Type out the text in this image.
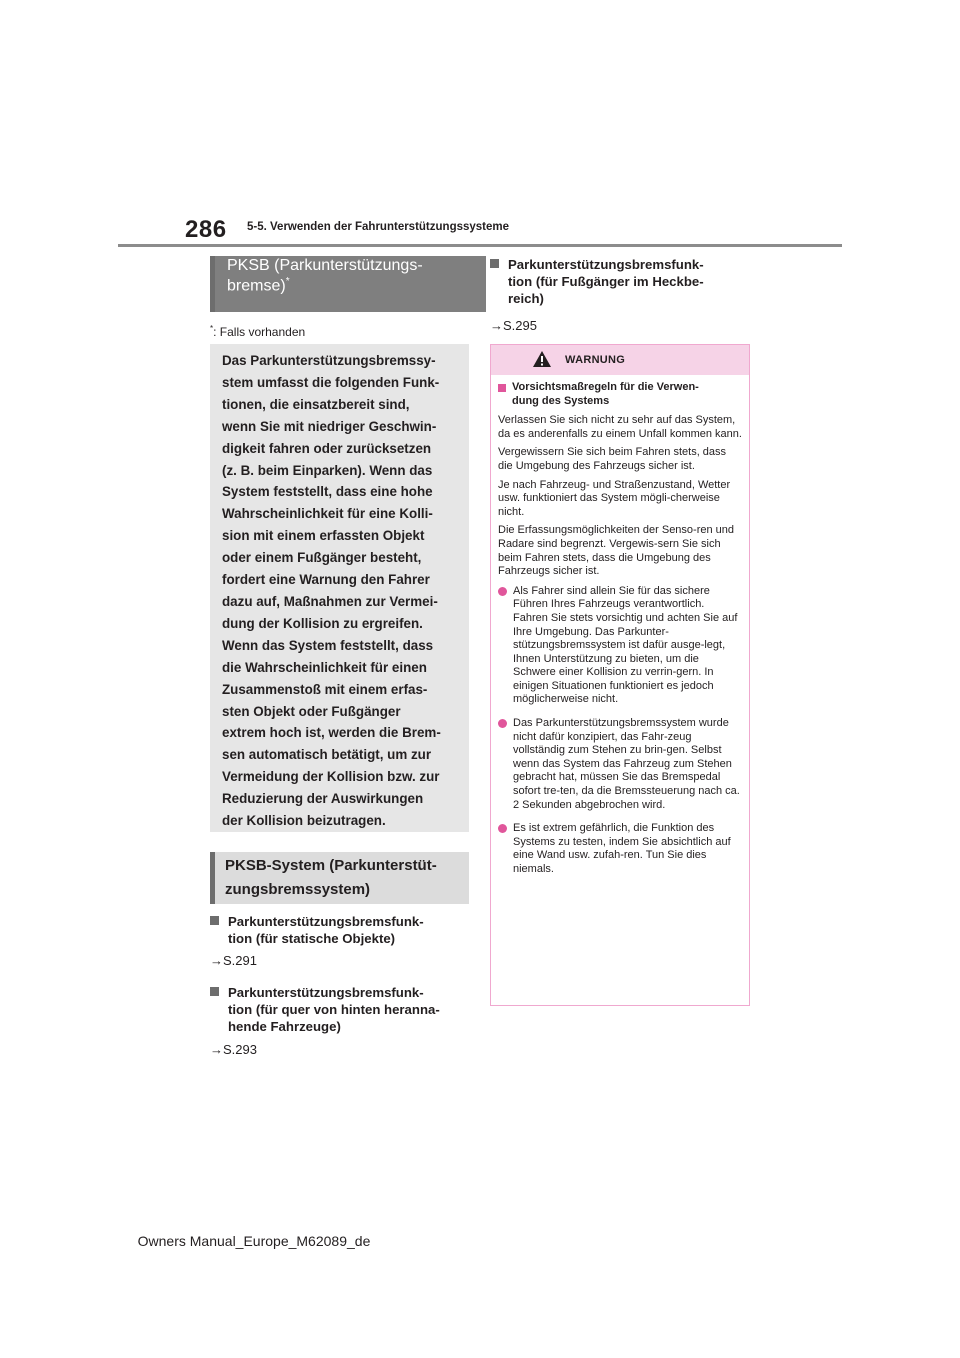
286 5-5. Verwenden der Fahrunterstützungssysteme
PKSB (Parkunterstützungs-
bremse)*
*: Falls vorhanden

Das Parkunterstützungsbremssy-

stem umfasst die folgenden Funk-

tionen, die einsatzbereit sind,

wenn Sie mit niedriger Geschwin-

digkeit fahren oder zurücksetzen

(z. B. beim Einparken). Wenn das

System feststellt, dass eine hohe

Wahrscheinlichkeit für eine Kolli-

sion mit einem erfassten Objekt

oder einem Fußgänger besteht,

fordert eine Warnung den Fahrer

dazu auf, Maßnahmen zur Vermei-

dung der Kollision zu ergreifen.

Wenn das System feststellt, dass

die Wahrscheinlichkeit für einen

Zusammenstoß mit einem erfas-

sten Objekt oder Fußgänger

extrem hoch ist, werden die Brem-

sen automatisch betätigt, um zur

Vermeidung der Kollision bzw. zur

Reduzierung der Auswirkungen

der Kollision beizutragen.

PKSB-System (Parkunterstüt-
zungsbremssystem)
Parkunterstützungsbremsfunk-
tion (für statische Objekte)
→S.291
Parkunterstützungsbremsfunk-
tion (für quer von hinten heranna-
hende Fahrzeuge)
→S.293
Parkunterstützungsbremsfunk-
tion (für Fußgänger im Heckbe-
reich)
→S.295
WARNUNG
Vorsichtsmaßregeln für die Verwen-
dung des Systems

Verlassen Sie sich nicht zu sehr auf das System, da es anderenfalls zu einem Unfall kommen kann.

Vergewissern Sie sich beim Fahren stets, dass die Umgebung des Fahrzeugs sicher ist.

Je nach Fahrzeug- und Straßenzustand, Wetter usw. funktioniert das System mögli-cherweise nicht.

Die Erfassungsmöglichkeiten der Senso-ren und Radare sind begrenzt. Vergewis-sern Sie sich beim Fahren stets, dass die Umgebung des Fahrzeugs sicher ist.

Als Fahrer sind allein Sie für das sichere Führen Ihres Fahrzeugs verantwortlich. Fahren Sie stets vorsichtig und achten Sie auf Ihre Umgebung. Das Parkunter-stützungsbremssystem ist dafür ausge-legt, Ihnen Unterstützung zu bieten, um die Schwere einer Kollision zu verrin-gern. In einigen Situationen funktioniert es jedoch möglicherweise nicht.
Das Parkunterstützungsbremssystem wurde nicht dafür konzipiert, das Fahr-zeug vollständig zum Stehen zu brin-gen. Selbst wenn das System das Fahrzeug zum Stehen gebracht hat, müssen Sie das Bremspedal sofort tre-ten, da die Bremssteuerung nach ca. 2 Sekunden abgebrochen wird.
Es ist extrem gefährlich, die Funktion des Systems zu testen, indem Sie absichtlich auf eine Wand usw. zufah-ren. Tun Sie dies niemals.
Owners Manual_Europe_M62089_de
